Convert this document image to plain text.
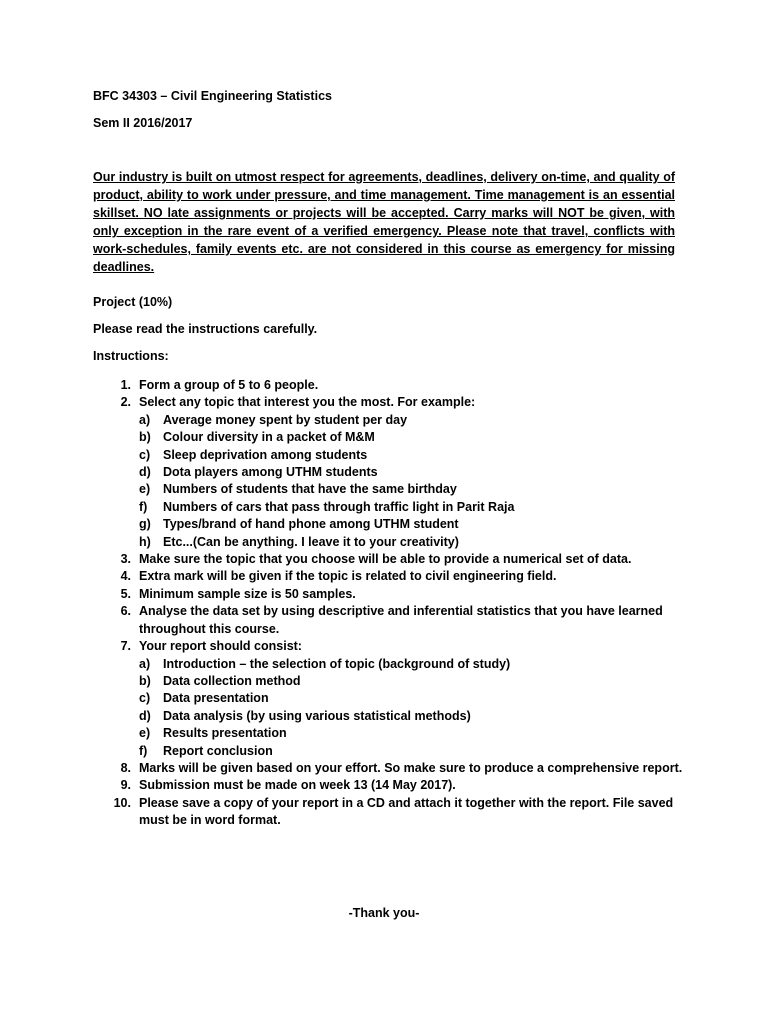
BFC 34303 – Civil Engineering Statistics
Sem II 2016/2017
Our industry is built on utmost respect for agreements, deadlines, delivery on-time, and quality of product, ability to work under pressure, and time management. Time management is an essential skillset. NO late assignments or projects will be accepted. Carry marks will NOT be given, with only exception in the rare event of a verified emergency. Please note that travel, conflicts with work-schedules, family events etc. are not considered in this course as emergency for missing deadlines.
Project (10%)
Please read the instructions carefully.
Instructions:
1. Form a group of 5 to 6 people.
2. Select any topic that interest you the most. For example:
a)	Average money spent by student per day
b) Colour diversity in a packet of M&M
c)	Sleep deprivation among students
d) Dota players among UTHM students
e)	Numbers of students that have the same birthday
f)	Numbers of cars that pass through traffic light in Parit Raja
g) Types/brand of hand phone among UTHM student
h) Etc...(Can be anything. I leave it to your creativity)
3. Make sure the topic that you choose will be able to provide a numerical set of data.
4. Extra mark will be given if the topic is related to civil engineering field.
5. Minimum sample size is 50 samples.
6. Analyse the data set by using descriptive and inferential statistics that you have learned throughout this course.
7. Your report should consist:
a)	Introduction – the selection of topic (background of study)
b) Data collection method
c)	Data presentation
d) Data analysis (by using various statistical methods)
e)	Results presentation
f)	Report conclusion
8. Marks will be given based on your effort. So make sure to produce a comprehensive report.
9. Submission must be made on week 13 (14 May 2017).
10. Please save a copy of your report in a CD and attach it together with the report. File saved must be in word format.
-Thank you-
